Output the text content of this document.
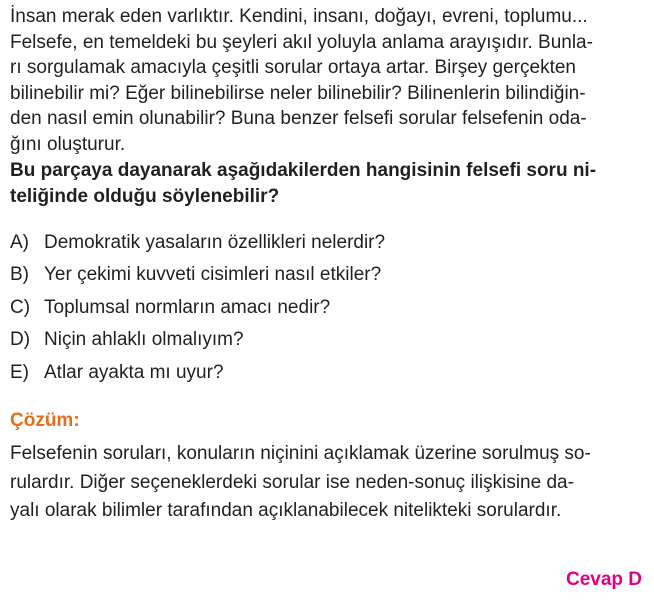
İnsan merak eden varlıktır. Kendini, insanı, doğayı, evreni, toplumu...
Felsefe, en temeldeki bu şeyleri akıl yoluyla anlama arayışıdır. Bunla-
rı sorgulamak amacıyla çeşitli sorular ortaya artar. Birşey gerçekten
bilinebilir mi? Eğer bilinebilirse neler bilinebilir? Bilinenlerin bilindiğin-
den nasıl emin olunabilir? Buna benzer felsefi sorular felsefenin oda-
ğını oluşturur.

Bu parçaya dayanarak aşağıdakilerden hangisinin felsefi soru ni-
teliğinde olduğu söylenebilir?

A) Demokratik yasaların özellikleri nelerdir?
B) Yer çekimi kuvveti cisimleri nasıl etkiler?
C) Toplumsal normların amacı nedir?
D) Niçin ahlaklı olmalıyım?
E) Atlar ayakta mı uyur?
Çözüm:
Felsefenin soruları, konuların niçinini açıklamak üzerine sorulmuş so-
rulardır. Diğer seçeneklerdeki sorular ise neden-sonuç ilişkisine da-
yalı olarak bilimler tarafından açıklanabilecek nitelikteki sorulardır.
Cevap D
